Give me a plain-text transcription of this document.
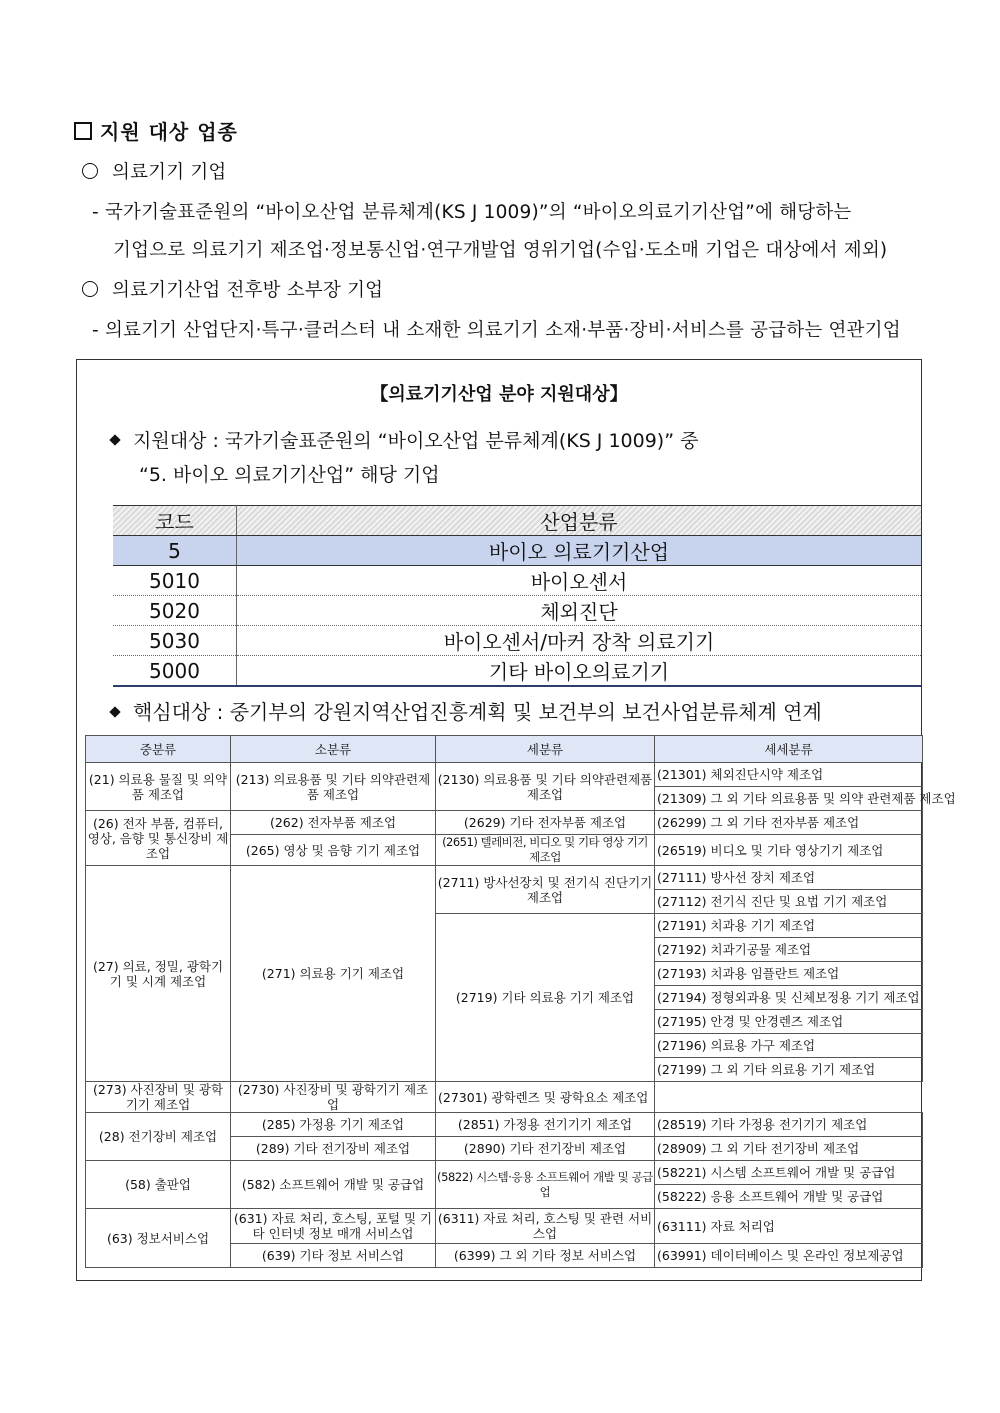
지원 대상 업종
의료기기 기업
- 국가기술표준원의 “바이오산업 분류체계(KS J 1009)”의 “바이오의료기기산업”에 해당하는
기업으로 의료기기 제조업·정보통신업·연구개발업 영위기업(수입·도소매 기업은 대상에서 제외)
의료기기산업 전후방 소부장 기업
- 의료기기 산업단지·특구·클러스터 내 소재한 의료기기 소재·부품·장비·서비스를 공급하는 연관기업
【의료기기산업 분야 지원대상】
지원대상 : 국가기술표준원의 “바이오산업 분류체계(KS J 1009)” 중
“5. 바이오 의료기기산업” 해당 기업
코드	산업분류
5	바이오 의료기기산업
5010	바이오센서
5020	체외진단
5030	바이오센서/마커 장착 의료기기
5000	기타 바이오의료기기
핵심대상 : 중기부의 강원지역산업진흥계획 및 보건부의 보건사업분류체계 연계
중분류	소분류	세분류	세세분류
(21) 의료용 물질 및 의약품 제조업	(213) 의료용품 및 기타 의약관련제품 제조업	(2130) 의료용품 및 기타 의약관련제품 제조업	(21301) 체외진단시약 제조업
			(21309) 그 외 기타 의료용품 및 의약 관련제품 제조업
(26) 전자 부품, 컴퓨터, 영상, 음향 및 통신장비 제조업	(262) 전자부품 제조업	(2629) 기타 전자부품 제조업	(26299) 그 외 기타 전자부품 제조업
	(265) 영상 및 음향 기기 제조업	(2651) 텔레비전, 비디오 및 기타 영상 기기 제조업	(26519) 비디오 및 기타 영상기기 제조업
(27) 의료, 정밀, 광학기기 및 시계 제조업	(271) 의료용 기기 제조업	(2711) 방사선장치 및 전기식 진단기기 제조업	(27111) 방사선 장치 제조업
			(27112) 전기식 진단 및 요법 기기 제조업
		(2719) 기타 의료용 기기 제조업	(27191) 치과용 기기 제조업
			(27192) 치과기공물 제조업
			(27193) 치과용 임플란트 제조업
			(27194) 정형외과용 및 신체보정용 기기 제조업
			(27195) 안경 및 안경렌즈 제조업
			(27196) 의료용 가구 제조업
			(27199) 그 외 기타 의료용 기기 제조업
(273) 사진장비 및 광학기기 제조업	(2730) 사진장비 및 광학기기 제조업	(27301) 광학렌즈 및 광학요소 제조업	
(28) 전기장비 제조업	(285) 가정용 기기 제조업	(2851) 가정용 전기기기 제조업	(28519) 기타 가정용 전기기기 제조업
	(289) 기타 전기장비 제조업	(2890) 기타 전기장비 제조업	(28909) 그 외 기타 전기장비 제조업
(58) 출판업	(582) 소프트웨어 개발 및 공급업	(5822) 시스템·응용 소프트웨어 개발 및 공급업	(58221) 시스템 소프트웨어 개발 및 공급업
			(58222) 응용 소프트웨어 개발 및 공급업
(63) 정보서비스업	(631) 자료 처리, 호스팅, 포털 및 기타 인터넷 정보 매개 서비스업	(6311) 자료 처리, 호스팅 및 관련 서비스업	(63111) 자료 처리업
	(639) 기타 정보 서비스업	(6399) 그 외 기타 정보 서비스업	(63991) 데이터베이스 및 온라인 정보제공업
